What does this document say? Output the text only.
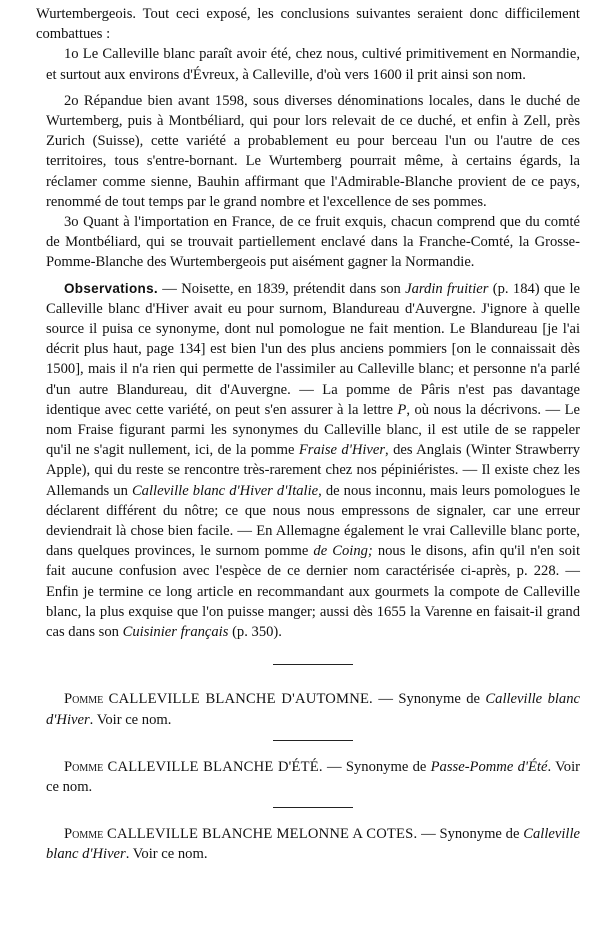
Wurtembergeois. Tout ceci exposé, les conclusions suivantes seraient donc difficilement combattues :

1o Le Calleville blanc paraît avoir été, chez nous, cultivé primitivement en Normandie, et surtout aux environs d'Évreux, à Calleville, d'où vers 1600 il prit ainsi son nom.

2o Répandue bien avant 1598, sous diverses dénominations locales, dans le duché de Wurtemberg, puis à Montbéliard, qui pour lors relevait de ce duché, et enfin à Zell, près Zurich (Suisse), cette variété a probablement eu pour berceau l'un ou l'autre de ces territoires, tous s'entre-bornant. Le Wurtemberg pourrait même, à certains égards, la réclamer comme sienne, Bauhin affirmant que l'Admirable-Blanche provient de ce pays, renommé de tout temps par le grand nombre et l'excellence de ses pommes.

3o Quant à l'importation en France, de ce fruit exquis, chacun comprend que du comté de Montbéliard, qui se trouvait partiellement enclavé dans la Franche-Comté, la Grosse-Pomme-Blanche des Wurtembergeois put aisément gagner la Normandie.

Observations. — Noisette, en 1839, prétendit dans son Jardin fruitier (p. 184) que le Calleville blanc d'Hiver avait eu pour surnom, Blandureau d'Auvergne. J'ignore à quelle source il puisa ce synonyme, dont nul pomologue ne fait mention. Le Blandureau [je l'ai décrit plus haut, page 134] est bien l'un des plus anciens pommiers [on le connaissait dès 1500], mais il n'a rien qui permette de l'assimiler au Calleville blanc; et personne n'a parlé d'un autre Blandureau, dit d'Auvergne. — La pomme de Pâris n'est pas davantage identique avec cette variété, on peut s'en assurer à la lettre P, où nous la décrivons. — Le nom Fraise figurant parmi les synonymes du Calleville blanc, il est utile de se rappeler qu'il ne s'agit nullement, ici, de la pomme Fraise d'Hiver, des Anglais (Winter Strawberry Apple), qui du reste se rencontre très-rarement chez nos pépiniéristes. — Il existe chez les Allemands un Calleville blanc d'Hiver d'Italie, de nous inconnu, mais leurs pomologues le déclarent différent du nôtre; ce que nous nous empressons de signaler, car une erreur deviendrait là chose bien facile. — En Allemagne également le vrai Calleville blanc porte, dans quelques provinces, le surnom pomme de Coing; nous le disons, afin qu'il n'en soit fait aucune confusion avec l'espèce de ce dernier nom caractérisée ci-après, p. 228. — Enfin je termine ce long article en recommandant aux gourmets la compote de Calleville blanc, la plus exquise que l'on puisse manger; aussi dès 1655 la Varenne en faisait-il grand cas dans son Cuisinier français (p. 350).

Pomme CALLEVILLE BLANCHE D'AUTOMNE. — Synonyme de Calleville blanc d'Hiver. Voir ce nom.

Pomme CALLEVILLE BLANCHE D'ÉTÉ. — Synonyme de Passe-Pomme d'Été. Voir ce nom.

Pomme CALLEVILLE BLANCHE MELONNE A COTES. — Synonyme de Calleville blanc d'Hiver. Voir ce nom.
